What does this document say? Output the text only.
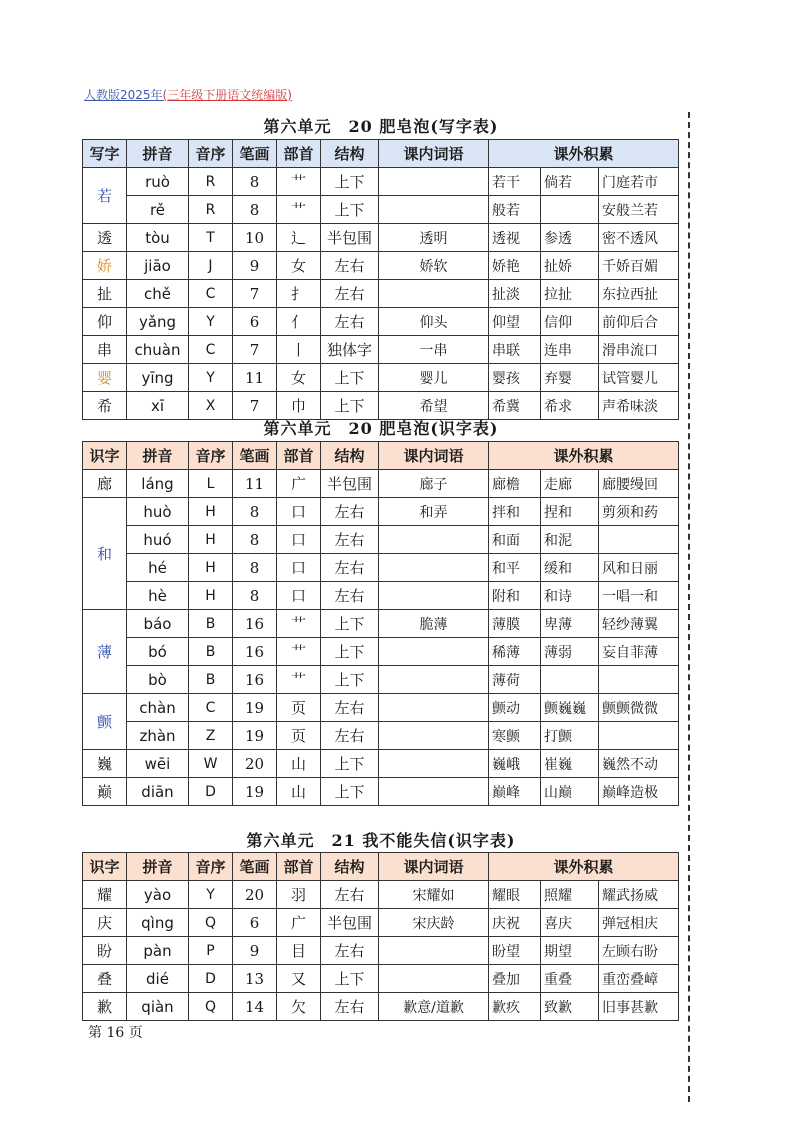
人教版2025年(三年级下册语文统编版)
第六单元　20 肥皂泡(写字表)
写字	拼音	音序	笔画	部首	结构	课内词语	课外积累		
若	ruò	R	8	艹	上下		若干	倘若	门庭若市
	rě	R	8	艹	上下		般若		安般兰若
透	tòu	T	10	辶	半包围	透明	透视	参透	密不透风
娇	jiāo	J	9	女	左右	娇软	娇艳	扯娇	千娇百媚
扯	chě	C	7	扌	左右		扯淡	拉扯	东拉西扯
仰	yǎng	Y	6	亻	左右	仰头	仰望	信仰	前仰后合
串	chuàn	C	7	丨	独体字	一串	串联	连串	滑串流口
婴	yīng	Y	11	女	上下	婴儿	婴孩	弃婴	试管婴儿
希	xī	X	7	巾	上下	希望	希冀	希求	声希味淡
第六单元　20 肥皂泡(识字表)
识字	拼音	音序	笔画	部首	结构	课内词语	课外积累		
廊	láng	L	11	广	半包围	廊子	廊檐	走廊	廊腰缦回
和	huò	H	8	口	左右	和弄	拌和	捏和	剪须和药
	huó	H	8	口	左右		和面	和泥	
	hé	H	8	口	左右		和平	缓和	风和日丽
	hè	H	8	口	左右		附和	和诗	一唱一和
薄	báo	B	16	艹	上下	脆薄	薄膜	卑薄	轻纱薄翼
	bó	B	16	艹	上下		稀薄	薄弱	妄自菲薄
	bò	B	16	艹	上下		薄荷		
颤	chàn	C	19	页	左右		颤动	颤巍巍	颤颤微微
	zhàn	Z	19	页	左右		寒颤	打颤	
巍	wēi	W	20	山	上下		巍峨	崔巍	巍然不动
巅	diān	D	19	山	上下		巅峰	山巅	巅峰造极
第六单元　21 我不能失信(识字表)
识字	拼音	音序	笔画	部首	结构	课内词语	课外积累		
耀	yào	Y	20	羽	左右	宋耀如	耀眼	照耀	耀武扬威
庆	qìng	Q	6	广	半包围	宋庆龄	庆祝	喜庆	弹冠相庆
盼	pàn	P	9	目	左右		盼望	期望	左顾右盼
叠	dié	D	13	又	上下		叠加	重叠	重峦叠嶂
歉	qiàn	Q	14	欠	左右	歉意/道歉	歉疚	致歉	旧事甚歉
第 16 页
